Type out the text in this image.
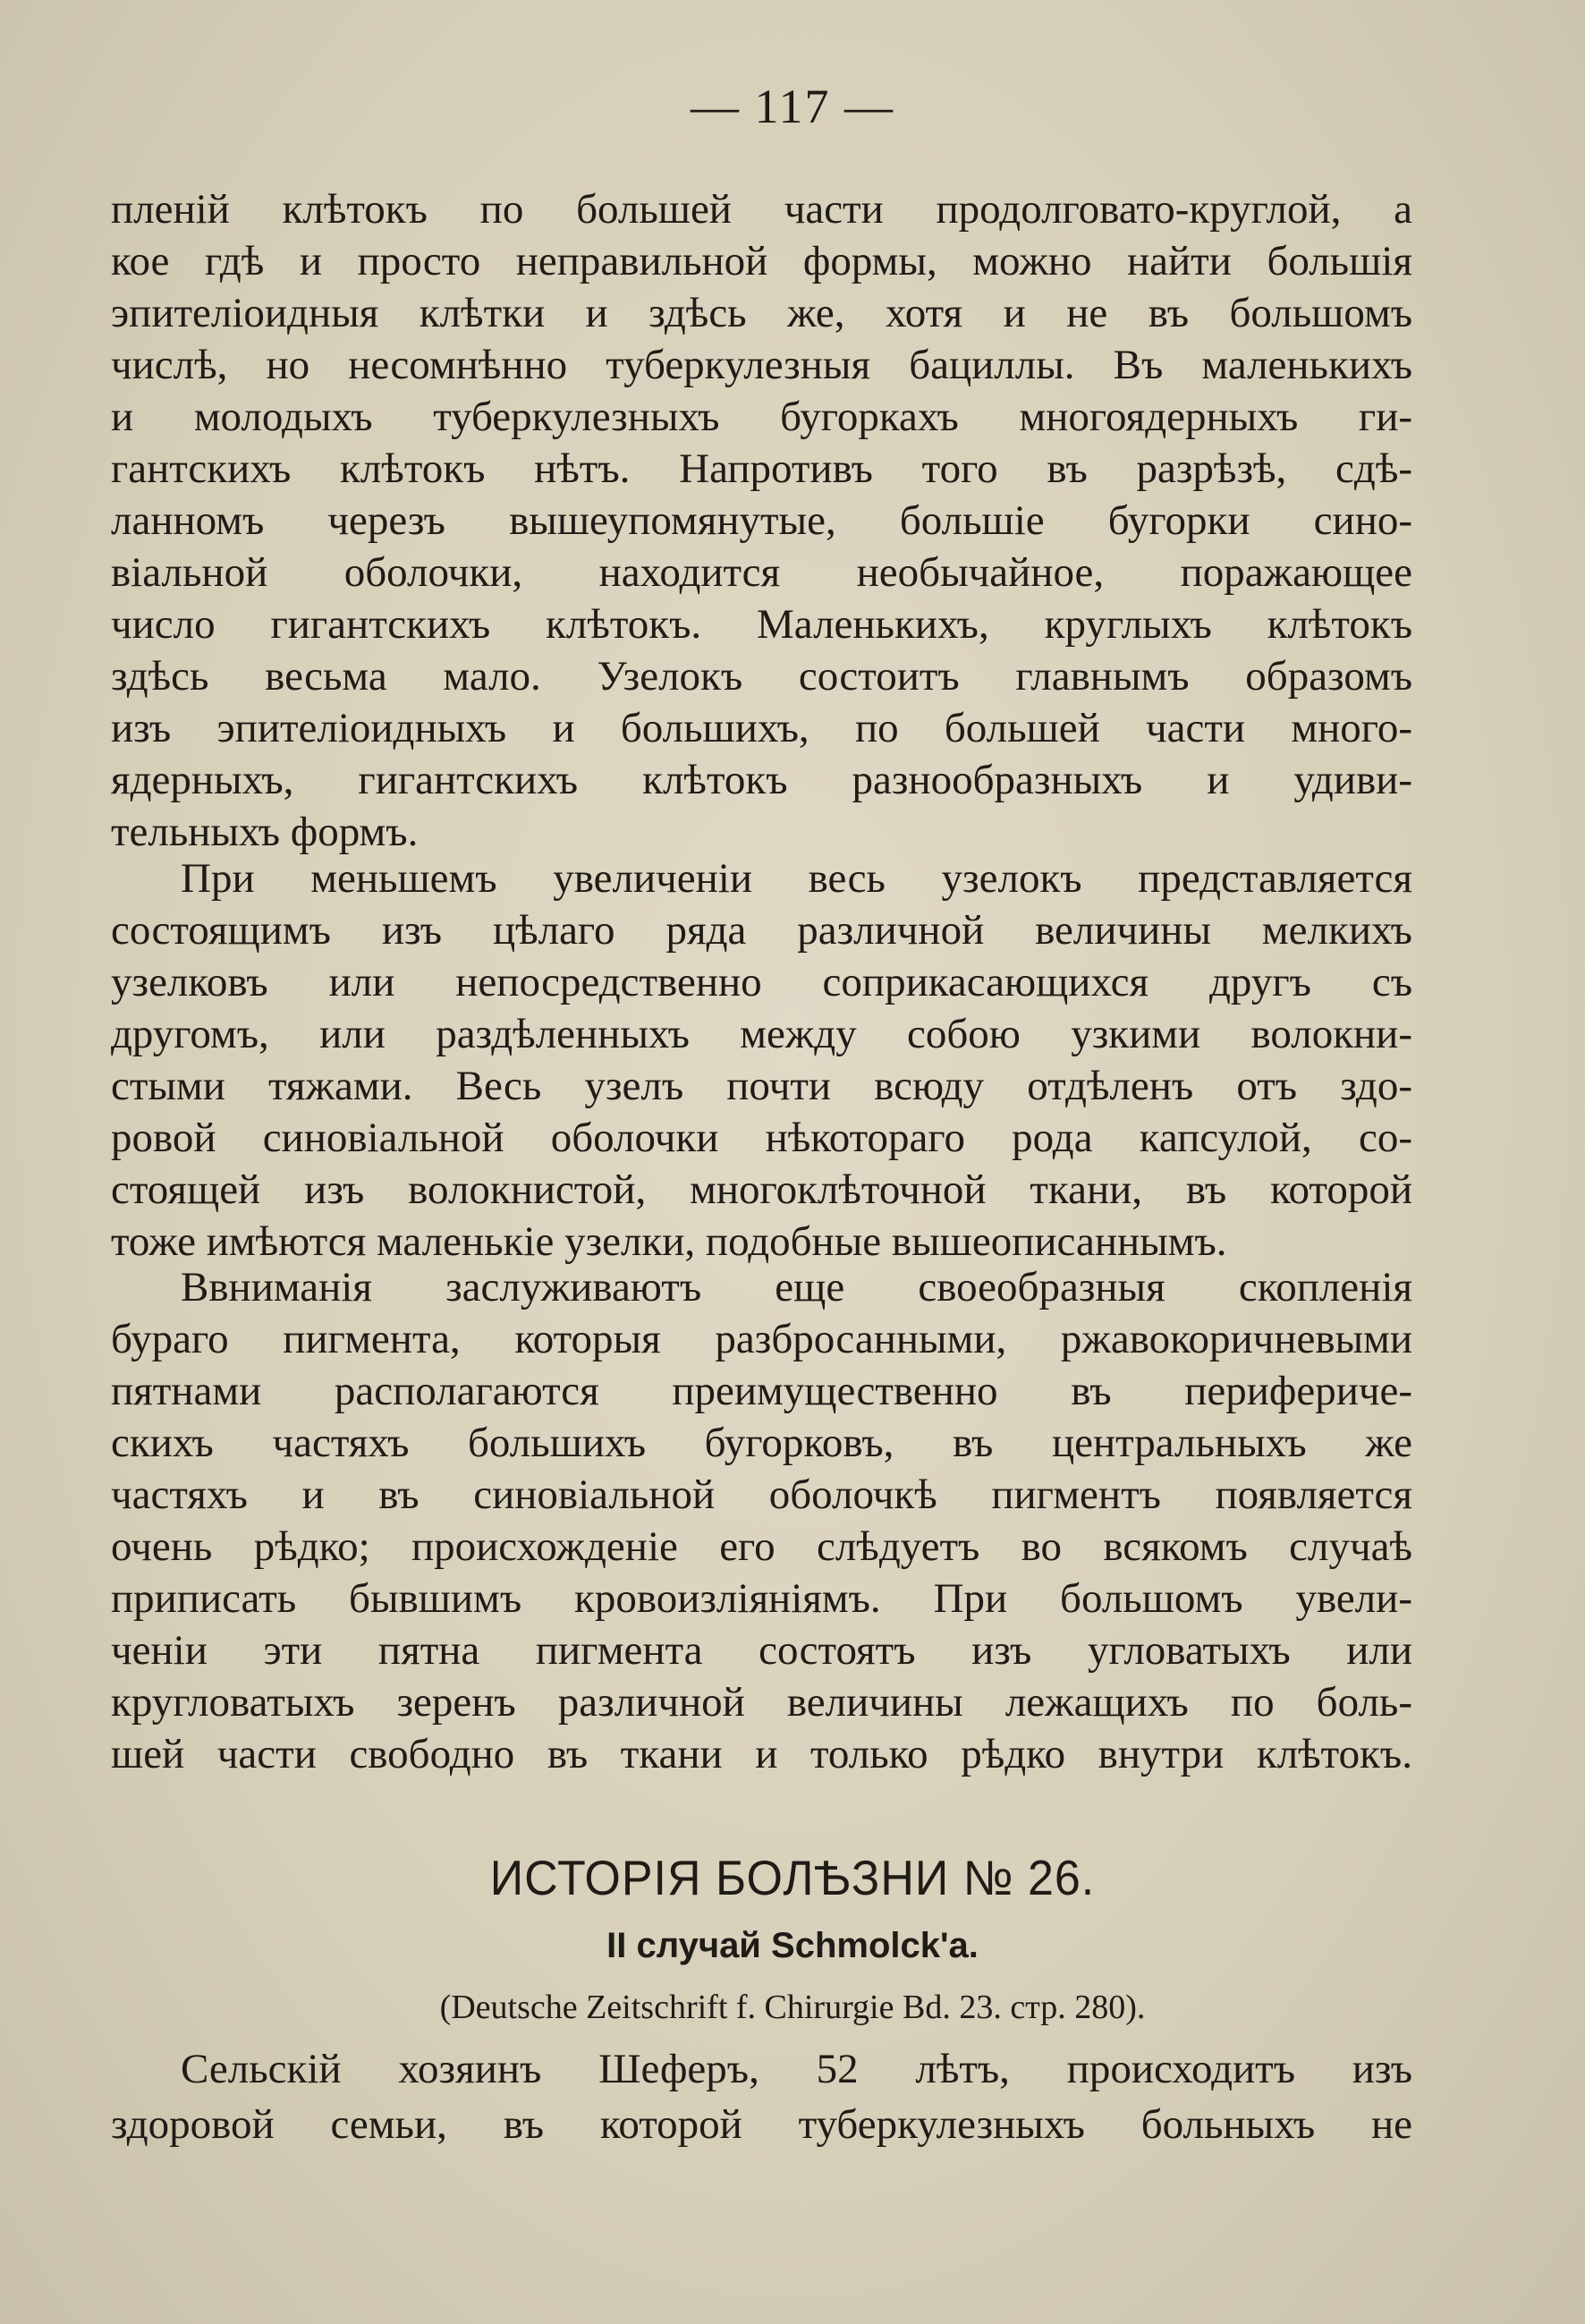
— 117 —
пленiй клѣтокъ по большей части продолговато-круглой, а
кое гдѣ и просто неправильной формы, можно найти большiя
эпителiоидныя клѣтки и здѣсь же, хотя и не въ большомъ
числѣ, но несомнѣнно туберкулезныя бациллы. Въ маленькихъ
и молодыхъ туберкулезныхъ бугоркахъ многоядерныхъ ги-
гантскихъ клѣтокъ нѣтъ. Напротивъ того въ разрѣзѣ, сдѣ-
ланномъ черезъ вышеупомянутые, большiе бугорки сино-
вiальной оболочки, находится необычайное, поражающее
число гигантскихъ клѣтокъ. Маленькихъ, круглыхъ клѣтокъ
здѣсь весьма мало. Узелокъ состоитъ главнымъ образомъ
изъ эпителiоидныхъ и большихъ, по большей части много-
ядерныхъ, гигантскихъ клѣтокъ разнообразныхъ и удиви-
тельныхъ формъ.
При меньшемъ увеличенiи весь узелокъ представляется
состоящимъ изъ цѣлаго ряда различной величины мелкихъ
узелковъ или непосредственно соприкасающихся другъ съ
другомъ, или раздѣленныхъ между собою узкими волокни-
стыми тяжами. Весь узелъ почти всюду отдѣленъ отъ здо-
ровой синовiальной оболочки нѣкотораго рода капсулой, со-
стоящей изъ волокнистой, многоклѣточной ткани, въ которой
тоже имѣются маленькiе узелки, подобные вышеописаннымъ.
Ввниманiя заслуживаютъ еще своеобразныя скопленiя
бураго пигмента, которыя разбросанными, ржавокоричневыми
пятнами располагаются преимущественно въ перифериче-
скихъ частяхъ большихъ бугорковъ, въ центральныхъ же
частяхъ и въ синовiальной оболочкѣ пигментъ появляется
очень рѣдко; происхожденiе его слѣдуетъ во всякомъ случаѣ
приписать бывшимъ кровоизлiянiямъ. При большомъ увели-
ченiи эти пятна пигмента состоятъ изъ угловатыхъ или
кругловатыхъ зеренъ различной величины лежащихъ по боль-
шей части свободно въ ткани и только рѣдко внутри клѣтокъ.
ИСТОРIЯ БОЛѢЗНИ № 26.
II случай Schmolck'a.
(Deutsche Zeitschrift f. Chirurgie Bd. 23. стр. 280).
Сельскiй хозяинъ Шеферъ, 52 лѣтъ, происходитъ изъ
здоровой семьи, въ которой туберкулезныхъ больныхъ не
